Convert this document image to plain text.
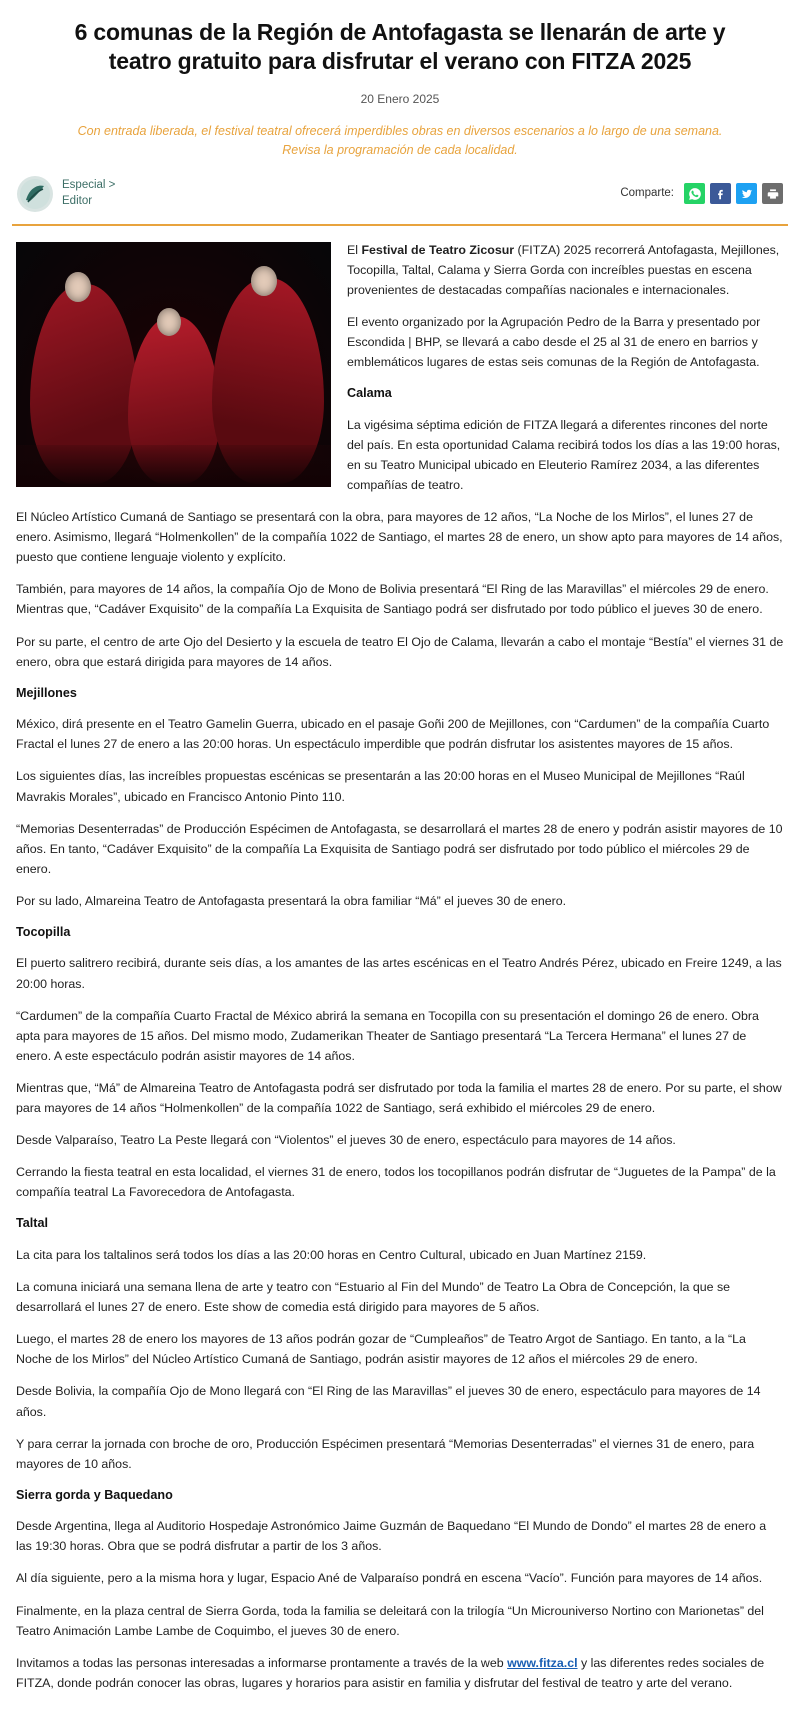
6 comunas de la Región de Antofagasta se llenarán de arte y teatro gratuito para disfrutar el verano con FITZA 2025
20 Enero 2025
Con entrada liberada, el festival teatral ofrecerá imperdibles obras en diversos escenarios a lo largo de una semana. Revisa la programación de cada localidad.
Especial >
Editor
Comparte:

El Festival de Teatro Zicosur (FITZA) 2025 recorrerá Antofagasta, Mejillones, Tocopilla, Taltal, Calama y Sierra Gorda con increíbles puestas en escena provenientes de destacadas compañías nacionales e internacionales.

El evento organizado por la Agrupación Pedro de la Barra y presentado por Escondida | BHP, se llevará a cabo desde el 25 al 31 de enero en barrios y emblemáticos lugares de estas seis comunas de la Región de Antofagasta.

Calama

La vigésima séptima edición de FITZA llegará a diferentes rincones del norte del país. En esta oportunidad Calama recibirá todos los días a las 19:00 horas, en su Teatro Municipal ubicado en Eleuterio Ramírez 2034, a las diferentes compañías de teatro.

El Núcleo Artístico Cumaná de Santiago se presentará con la obra, para mayores de 12 años, “La Noche de los Mirlos”, el lunes 27 de enero. Asimismo, llegará “Holmenkollen” de la compañía 1022 de Santiago, el martes 28 de enero, un show apto para mayores de 14 años, puesto que contiene lenguaje violento y explícito.

También, para mayores de 14 años, la compañía Ojo de Mono de Bolivia presentará “El Ring de las Maravillas” el miércoles 29 de enero. Mientras que, “Cadáver Exquisito” de la compañía La Exquisita de Santiago podrá ser disfrutado por todo público el jueves 30 de enero.

Por su parte, el centro de arte Ojo del Desierto y la escuela de teatro El Ojo de Calama, llevarán a cabo el montaje “Bestía” el viernes 31 de enero, obra que estará dirigida para mayores de 14 años.

Mejillones

México, dirá presente en el Teatro Gamelin Guerra, ubicado en el pasaje Goñi 200 de Mejillones, con “Cardumen” de la compañía Cuarto Fractal el lunes 27 de enero a las 20:00 horas. Un espectáculo imperdible que podrán disfrutar los asistentes mayores de 15 años.

Los siguientes días, las increíbles propuestas escénicas se presentarán a las 20:00 horas en el Museo Municipal de Mejillones “Raúl Mavrakis Morales”, ubicado en Francisco Antonio Pinto 110.

“Memorias Desenterradas” de Producción Espécimen de Antofagasta, se desarrollará el martes 28 de enero y podrán asistir mayores de 10 años. En tanto, “Cadáver Exquisito” de la compañía La Exquisita de Santiago podrá ser disfrutado por todo público el miércoles 29 de enero.

Por su lado, Almareina Teatro de Antofagasta presentará la obra familiar “Má” el jueves 30 de enero.

Tocopilla

El puerto salitrero recibirá, durante seis días, a los amantes de las artes escénicas en el Teatro Andrés Pérez, ubicado en Freire 1249, a las 20:00 horas.

“Cardumen” de la compañía Cuarto Fractal de México abrirá la semana en Tocopilla con su presentación el domingo 26 de enero. Obra apta para mayores de 15 años. Del mismo modo, Zudamerikan Theater de Santiago presentará “La Tercera Hermana” el lunes 27 de enero. A este espectáculo podrán asistir mayores de 14 años.

Mientras que, “Má” de Almareina Teatro de Antofagasta podrá ser disfrutado por toda la familia el martes 28 de enero. Por su parte, el show para mayores de 14 años “Holmenkollen” de la compañía 1022 de Santiago, será exhibido el miércoles 29 de enero.

Desde Valparaíso, Teatro La Peste llegará con “Violentos” el jueves 30 de enero, espectáculo para mayores de 14 años.

Cerrando la fiesta teatral en esta localidad, el viernes 31 de enero, todos los tocopillanos podrán disfrutar de “Juguetes de la Pampa” de la compañía teatral La Favorecedora de Antofagasta.

Taltal

La cita para los taltalinos será todos los días a las 20:00 horas en Centro Cultural, ubicado en Juan Martínez 2159.

La comuna iniciará una semana llena de arte y teatro con “Estuario al Fin del Mundo” de Teatro La Obra de Concepción, la que se desarrollará el lunes 27 de enero. Este show de comedia está dirigido para mayores de 5 años.

Luego, el martes 28 de enero los mayores de 13 años podrán gozar de “Cumpleaños” de Teatro Argot de Santiago. En tanto, a la “La Noche de los Mirlos” del Núcleo Artístico Cumaná de Santiago, podrán asistir mayores de 12 años el miércoles 29 de enero.

Desde Bolivia, la compañía Ojo de Mono llegará con “El Ring de las Maravillas” el jueves 30 de enero, espectáculo para mayores de 14 años.

Y para cerrar la jornada con broche de oro, Producción Espécimen presentará “Memorias Desenterradas” el viernes 31 de enero, para mayores de 10 años.

Sierra gorda y Baquedano

Desde Argentina, llega al Auditorio Hospedaje Astronómico Jaime Guzmán de Baquedano “El Mundo de Dondo” el martes 28 de enero a las 19:30 horas. Obra que se podrá disfrutar a partir de los 3 años.

Al día siguiente, pero a la misma hora y lugar, Espacio Ané de Valparaíso pondrá en escena “Vacío”. Función para mayores de 14 años.

Finalmente, en la plaza central de Sierra Gorda, toda la familia se deleitará con la trilogía “Un Microuniverso Nortino con Marionetas” del Teatro Animación Lambe Lambe de Coquimbo, el jueves 30 de enero.

Invitamos a todas las personas interesadas a informarse prontamente a través de la web www.fitza.cl y las diferentes redes sociales de FITZA, donde podrán conocer las obras, lugares y horarios para asistir en familia y disfrutar del festival de teatro y arte del verano.
